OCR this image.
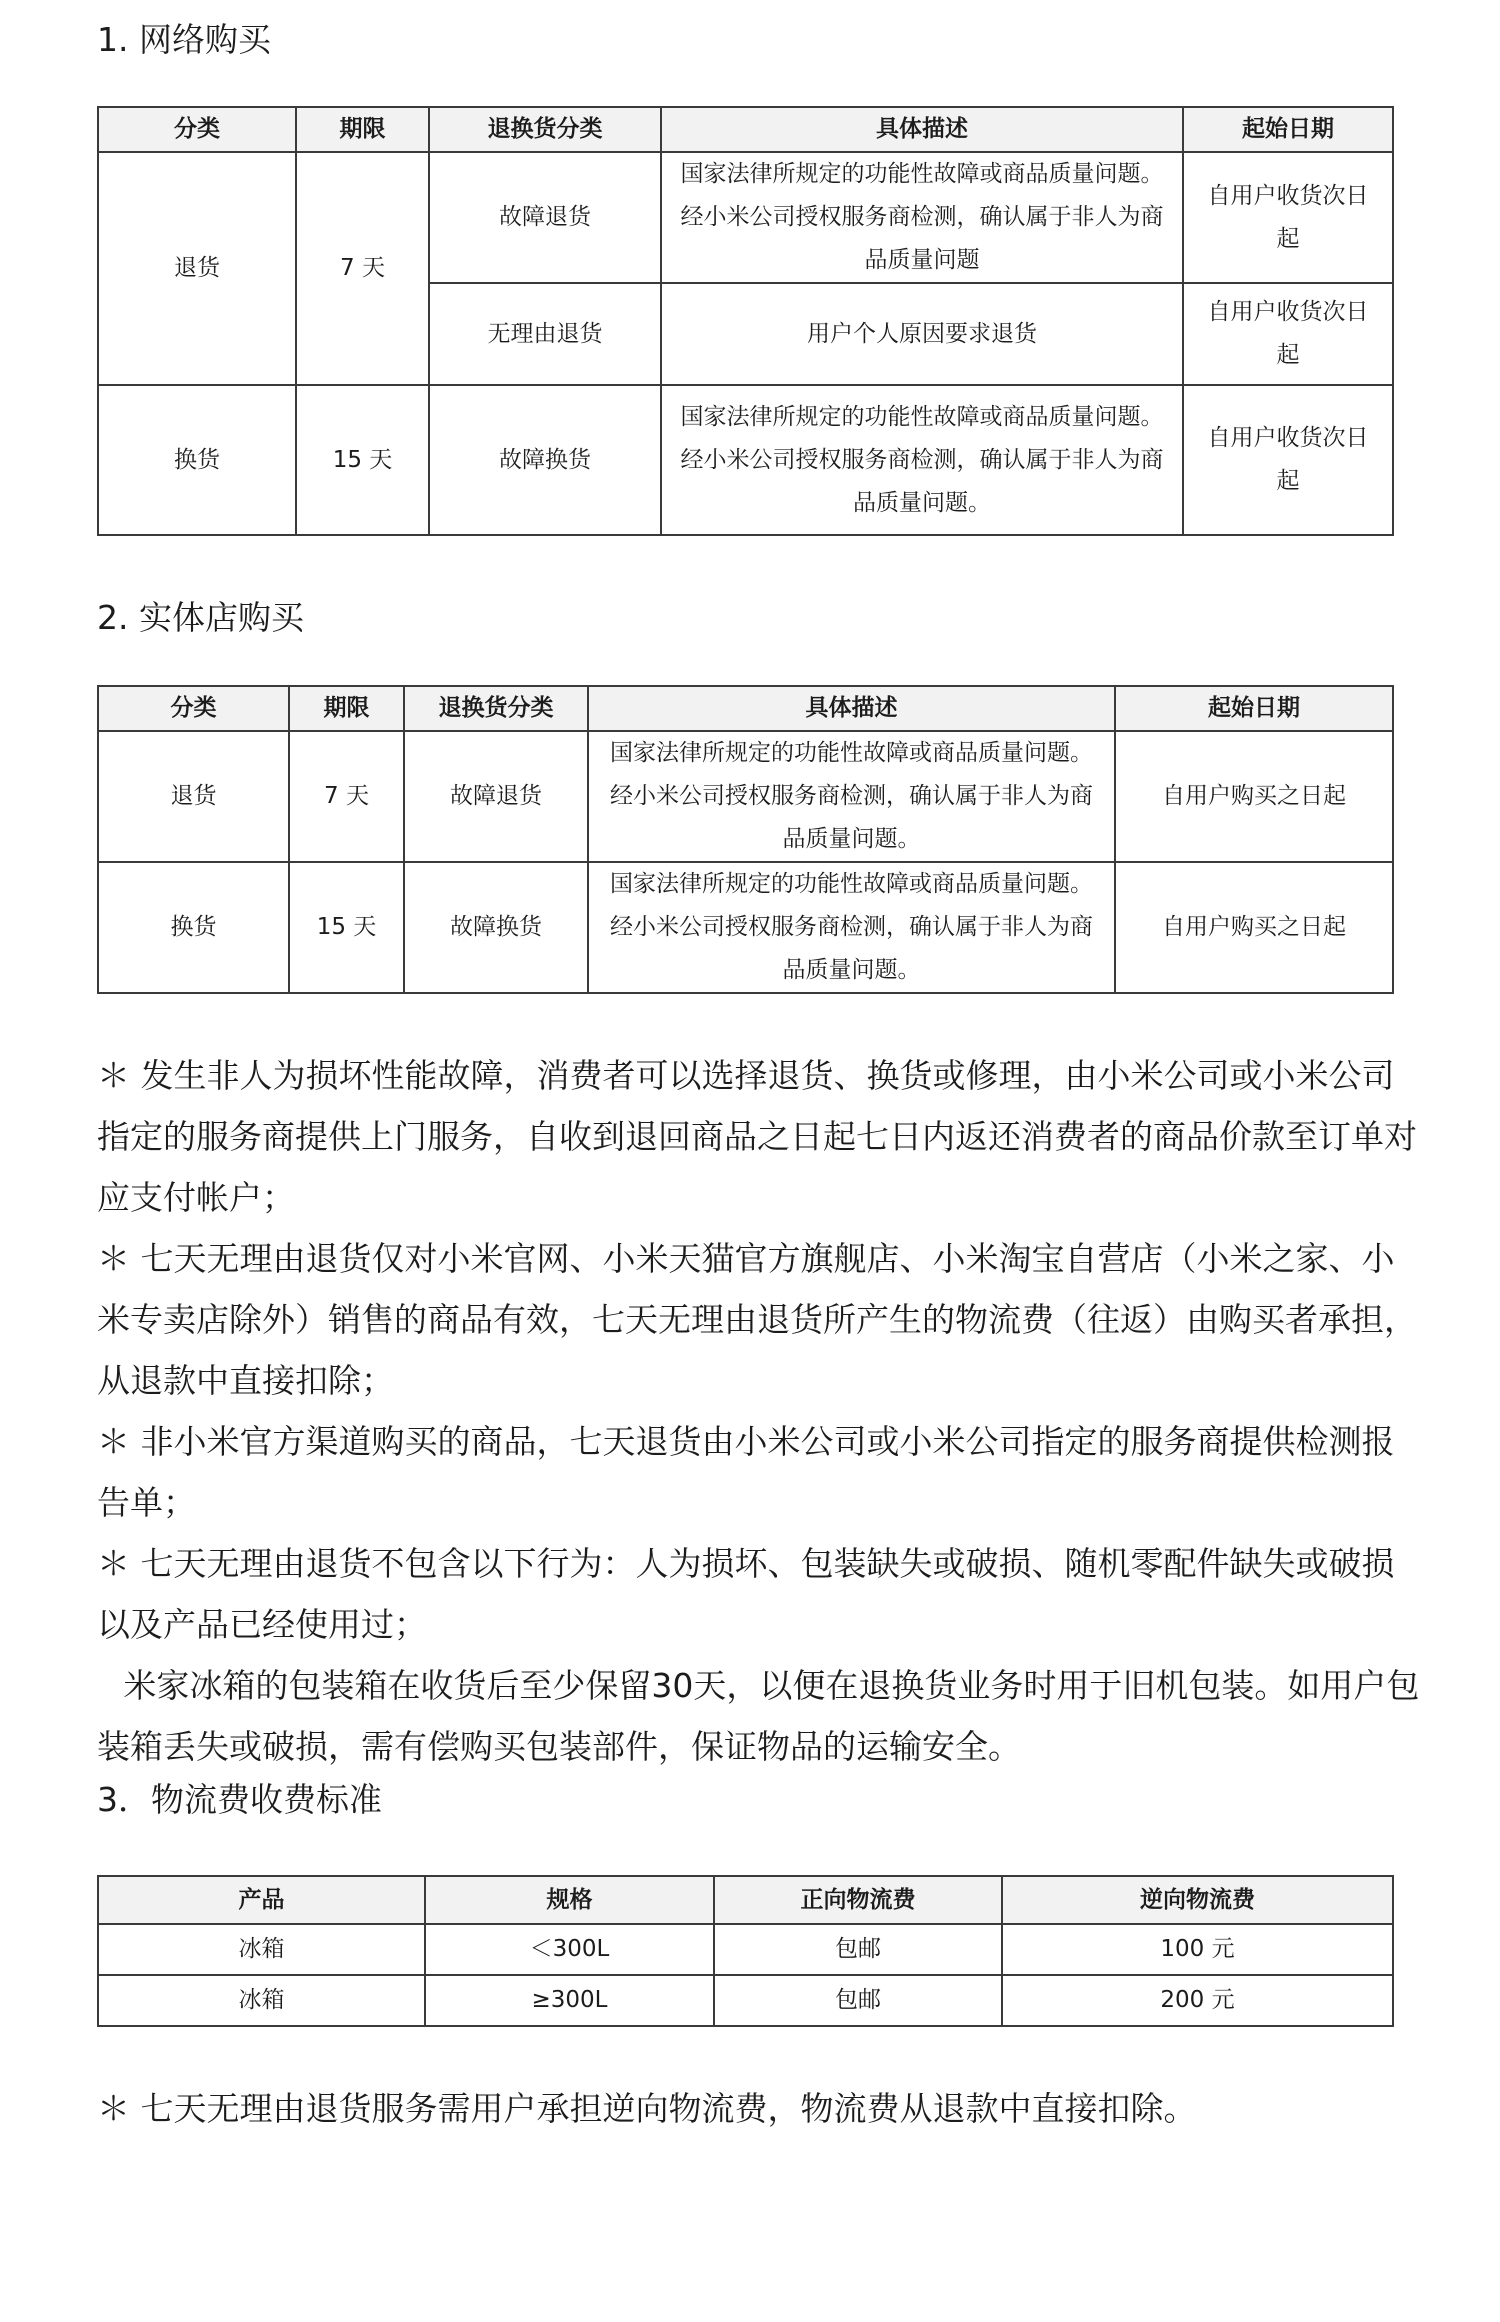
1. 网络购买
分类	期限	退换货分类	具体描述	起始日期
退货	7 天	故障退货	国家法律所规定的功能性故障或商品质量问题。经小米公司授权服务商检测，确认属于非人为商品质量问题	自用户收货次日起
		无理由退货	用户个人原因要求退货	自用户收货次日起
换货	15 天	故障换货	国家法律所规定的功能性故障或商品质量问题。经小米公司授权服务商检测，确认属于非人为商品质量问题。	自用户收货次日起
2. 实体店购买
分类	期限	退换货分类	具体描述	起始日期
退货	7 天	故障退货	国家法律所规定的功能性故障或商品质量问题。经小米公司授权服务商检测，确认属于非人为商品质量问题。	自用户购买之日起
换货	15 天	故障换货	国家法律所规定的功能性故障或商品质量问题。经小米公司授权服务商检测，确认属于非人为商品质量问题。	自用户购买之日起

＊ 发生非人为损坏性能故障，消费者可以选择退货、换货或修理，由小米公司或小米公司指定的服务商提供上门服务，自收到退回商品之日起七日内返还消费者的商品价款至订单对应支付帐户；

＊ 七天无理由退货仅对小米官网、小米天猫官方旗舰店、小米淘宝自营店（小米之家、小米专卖店除外）销售的商品有效，七天无理由退货所产生的物流费（往返）由购买者承担，从退款中直接扣除；

＊ 非小米官方渠道购买的商品，七天退货由小米公司或小米公司指定的服务商提供检测报告单；

＊ 七天无理由退货不包含以下行为：人为损坏、包装缺失或破损、随机零配件缺失或破损以及产品已经使用过；

米家冰箱的包装箱在收货后至少保留30天，以便在退换货业务时用于旧机包装。如用户包装箱丢失或破损，需有偿购买包装部件，保证物品的运输安全。

3．物流费收费标准
产品	规格	正向物流费	逆向物流费
冰箱	＜300L	包邮	100 元
冰箱	≥300L	包邮	200 元
＊ 七天无理由退货服务需用户承担逆向物流费，物流费从退款中直接扣除。
